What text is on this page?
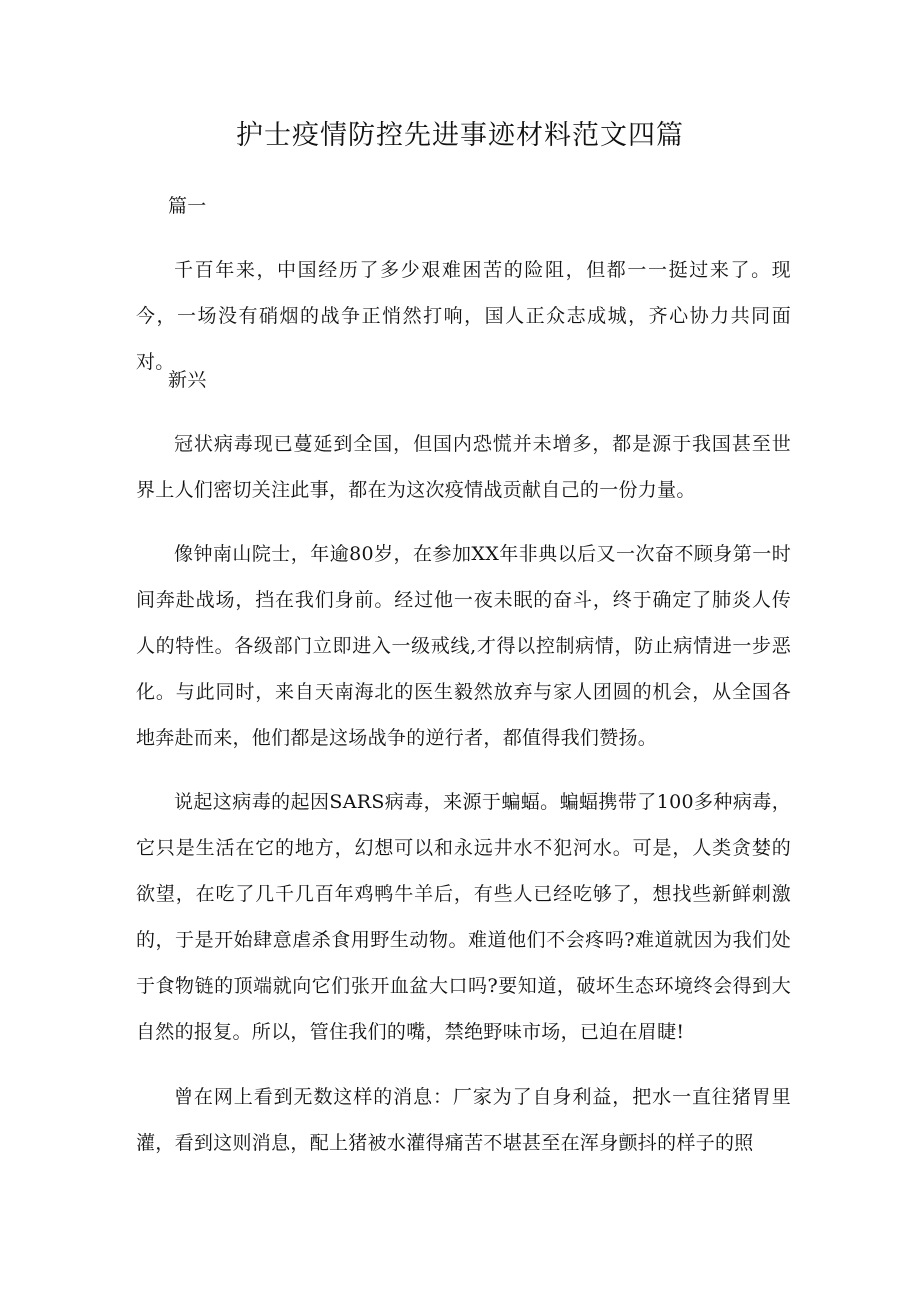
护士疫情防控先进事迹材料范文四篇

篇一

千百年来，中国经历了多少艰难困苦的险阻，但都一一挺过来了。现今，一场没有硝烟的战争正悄然打响，国人正众志成城，齐心协力共同面对。

新兴

冠状病毒现已蔓延到全国，但国内恐慌并未增多，都是源于我国甚至世界上人们密切关注此事，都在为这次疫情战贡献自己的一份力量。

像钟南山院士，年逾80岁，在参加XX年非典以后又一次奋不顾身第一时间奔赴战场，挡在我们身前。经过他一夜未眠的奋斗，终于确定了肺炎人传人的特性。各级部门立即进入一级戒线,才得以控制病情，防止病情进一步恶化。与此同时，来自天南海北的医生毅然放弃与家人团圆的机会，从全国各地奔赴而来，他们都是这场战争的逆行者，都值得我们赞扬。

说起这病毒的起因SARS病毒，来源于蝙蝠。蝙蝠携带了100多种病毒，它只是生活在它的地方，幻想可以和永远井水不犯河水。可是，人类贪婪的欲望，在吃了几千几百年鸡鸭牛羊后，有些人已经吃够了，想找些新鲜刺激的，于是开始肆意虐杀食用野生动物。难道他们不会疼吗?难道就因为我们处于食物链的顶端就向它们张开血盆大口吗?要知道，破坏生态环境终会得到大自然的报复。所以，管住我们的嘴，禁绝野味市场，已迫在眉睫!

曾在网上看到无数这样的消息：厂家为了自身利益，把水一直往猪胃里灌，看到这则消息，配上猪被水灌得痛苦不堪甚至在浑身颤抖的样子的照
